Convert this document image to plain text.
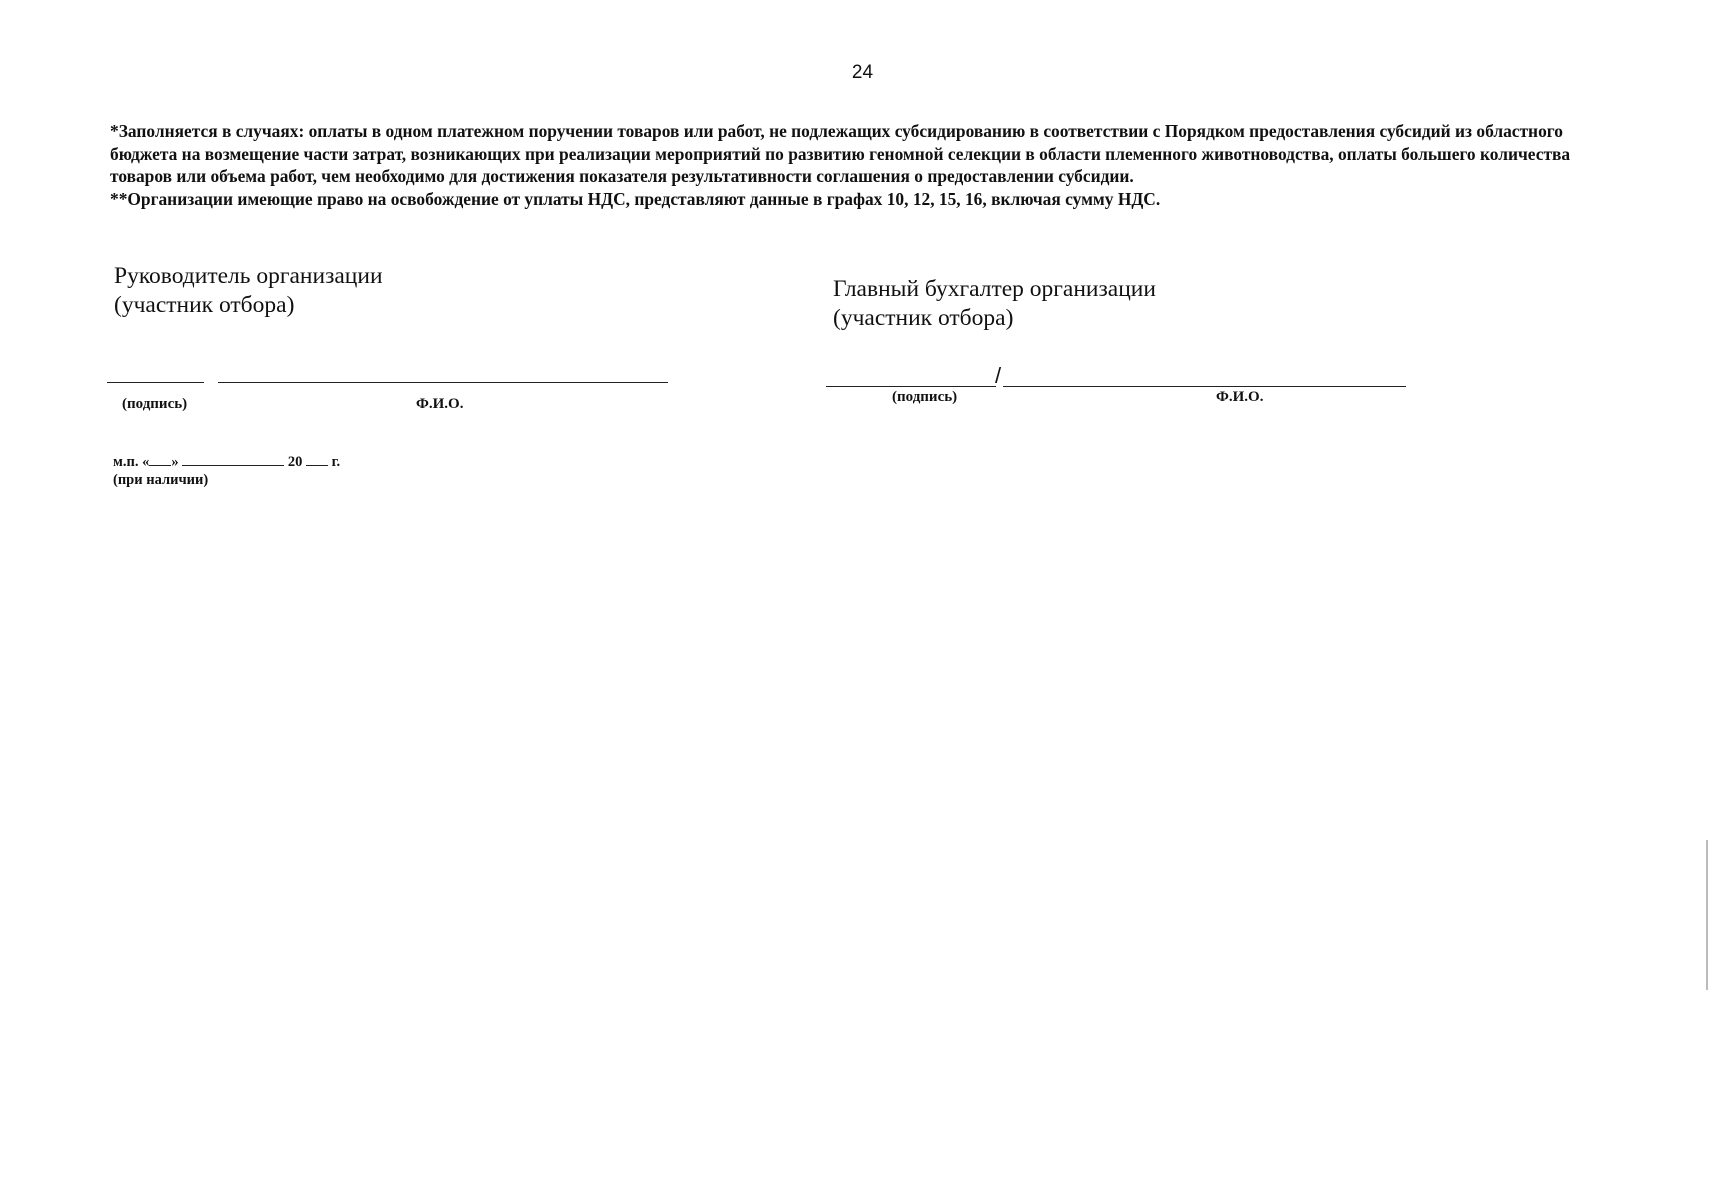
24

*Заполняется в случаях: оплаты в одном платежном поручении товаров или работ, не подлежащих субсидированию в соответствии с Порядком предоставления субсидий из областного бюджета на возмещение части затрат, возникающих при реализации мероприятий по развитию геномной селекции в области племенного животноводства, оплаты большего количества товаров или объема работ, чем необходимо для достижения показателя результативности соглашения о предоставлении субсидии.

**Организации имеющие право на освобождение от уплаты НДС, представляют данные в графах 10, 12, 15, 16, включая сумму НДС.

Руководитель организации
(участник отбора)
(подпись)	Ф.И.О.
Главный бухгалтер организации
(участник отбора)
/
(подпись)	Ф.И.О.
м.п. « »	20 г.
(при наличии)
